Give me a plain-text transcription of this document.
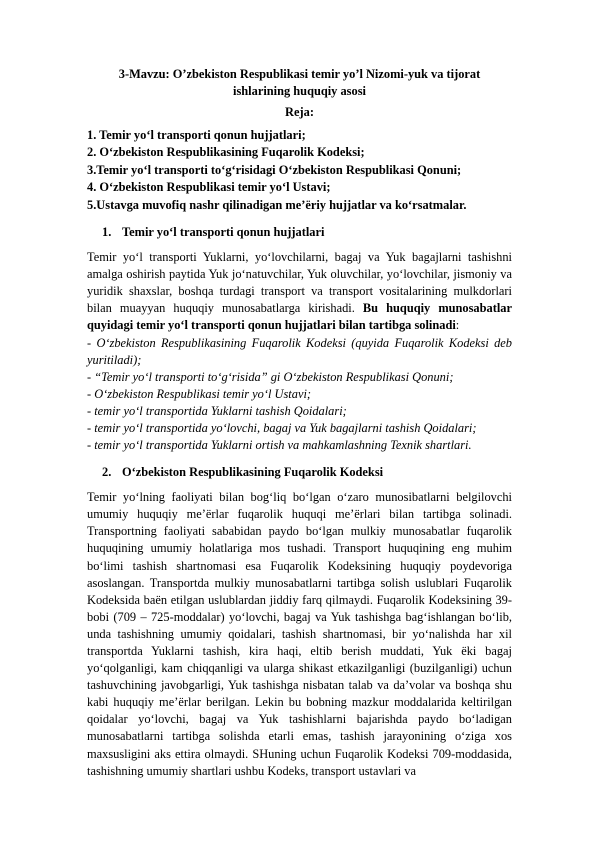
3-Mavzu: O’zbekiston Respublikasi temir yo’l Nizomi-yuk va tijorat
ishlarining huquqiy asosi
Reja:
1. Temir yoʻl transporti qonun hujjatlari;
2. Oʻzbekiston Respublikasining Fuqarolik Kodeksi;
3.Temir yoʻl transporti toʻgʻrisidagi Oʻzbekiston Respublikasi Qonuni;
4. Oʻzbekiston Respublikasi temir yoʻl Ustavi;
5.Ustavga muvofiq nashr qilinadigan meʼёriy hujjatlar va koʻrsatmalar.
1. Temir yoʻl transporti qonun hujjatlari

Temir yoʻl transporti Yuklarni, yoʻlovchilarni, bagaj va Yuk bagajlarni tashishni amalga oshirish paytida Yuk joʻnatuvchilar, Yuk oluvchilar, yoʻlovchilar, jismoniy va yuridik shaxslar, boshqa turdagi transport va transport vositalarining mulkdorlari bilan muayyan huquqiy munosabatlarga kirishadi. Bu huquqiy munosabatlar quyidagi temir yoʻl transporti qonun hujjatlari bilan tartibga solinadi:

- Oʻzbekiston Respublikasining Fuqarolik Kodeksi (quyida Fuqarolik Kodeksi deb yuritiladi);
- “Temir yoʻl transporti toʻgʻrisida” gi Oʻzbekiston Respublikasi Qonuni;
- Oʻzbekiston Respublikasi temir yoʻl Ustavi;
- temir yoʻl transportida Yuklarni tashish Qoidalari;
- temir yoʻl transportida yoʻlovchi, bagaj va Yuk bagajlarni tashish Qoidalari;
- temir yoʻl transportida Yuklarni ortish va mahkamlashning Texnik shartlari.
2. Oʻzbekiston Respublikasining Fuqarolik Kodeksi

Temir yoʻlning faoliyati bilan bogʻliq boʻlgan oʻzaro munosibatlarni belgilovchi umumiy huquqiy meʼёrlar fuqarolik huquqi meʼёrlari bilan tartibga solinadi. Transportning faoliyati sababidan paydo boʻlgan mulkiy munosabatlar fuqarolik huquqining umumiy holatlariga mos tushadi. Transport huquqining eng muhim boʻlimi tashish shartnomasi esa Fuqarolik Kodeksining huquqiy poydevoriga asoslangan. Transportda mulkiy munosabatlarni tartibga solish uslublari Fuqarolik Kodeksida baёn etilgan uslublardan jiddiy farq qilmaydi. Fuqarolik Kodeksining 39-bobi (709 – 725-moddalar) yoʻlovchi, bagaj va Yuk tashishga bagʻishlangan boʻlib, unda tashishning umumiy qoidalari, tashish shartnomasi, bir yoʻnalishda har xil transportda Yuklarni tashish, kira haqi, eltib berish muddati, Yuk ёki bagaj yoʻqolganligi, kam chiqqanligi va ularga shikast etkazilganligi (buzilganligi) uchun tashuvchining javobgarligi, Yuk tashishga nisbatan talab va da’volar va boshqa shu kabi huquqiy meʼёrlar berilgan. Lekin bu bobning mazkur moddalarida keltirilgan qoidalar yoʻlovchi, bagaj va Yuk tashishlarni bajarishda paydo boʻladigan munosabatlarni tartibga solishda etarli emas, tashish jarayonining oʻziga xos maxsusligini aks ettira olmaydi. SHuning uchun Fuqarolik Kodeksi 709-moddasida, tashishning umumiy shartlari ushbu Kodeks, transport ustavlari va
